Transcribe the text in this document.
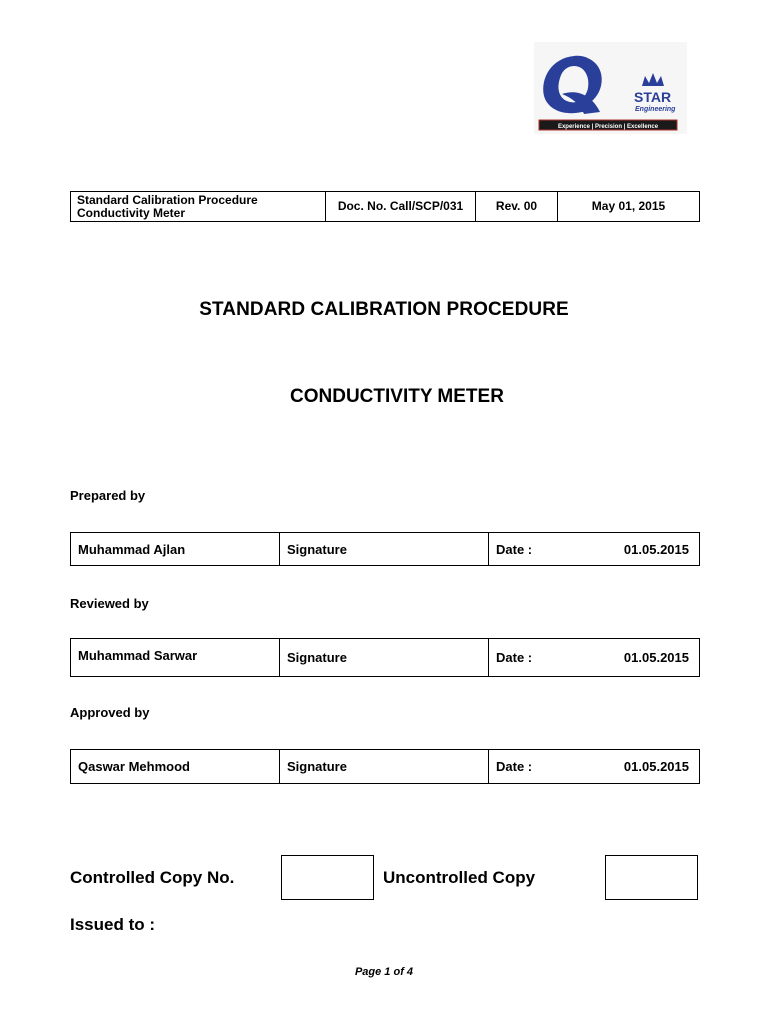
STAR
Engineering
Experience | Precision | Excellence
Standard Calibration Procedure
Conductivity Meter	Doc. No. Call/SCP/031	Rev. 00	May 01, 2015
STANDARD CALIBRATION PROCEDURE
CONDUCTIVITY METER
Prepared by
Muhammad Ajlan	Signature	Date :	01.05.2015
Reviewed by
Muhammad Sarwar	Signature	Date :	01.05.2015
Approved by
Qaswar Mehmood	Signature	Date :	01.05.2015
Controlled Copy No.	Uncontrolled Copy
Issued to :
Page 1 of 4
